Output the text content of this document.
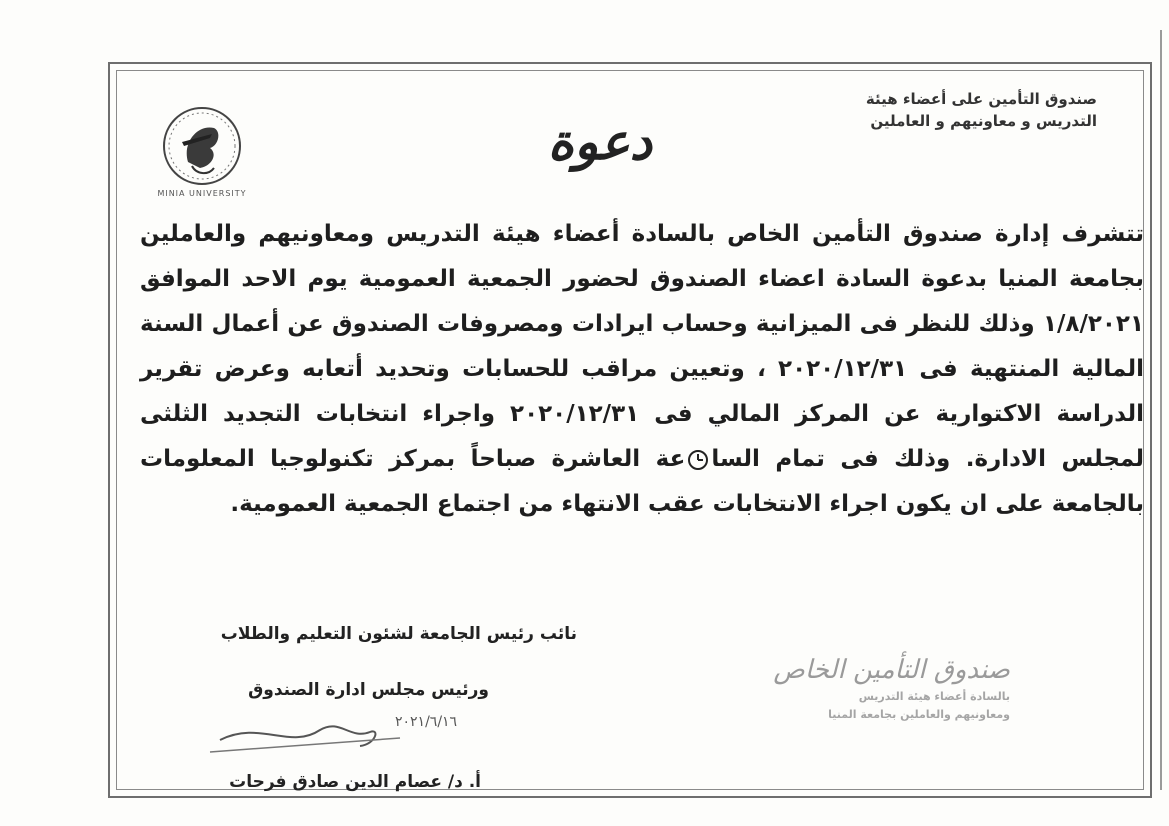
صندوق التأمين على أعضاء هيئة
التدريس و معاونيهم و العاملين
دعوة
MINIA UNIVERSITY
تتشرف إدارة صندوق التأمين الخاص بالسادة أعضاء هيئة التدريس ومعاونيهم والعاملين بجامعة المنيا بدعوة السادة اعضاء الصندوق لحضور الجمعية العمومية يوم الاحد الموافق ١/٨/٢٠٢١ وذلك للنظر فى الميزانية وحساب ايرادات ومصروفات الصندوق عن أعمال السنة المالية المنتهية فى ٢٠٢٠/١٢/٣١ ، وتعيين مراقب للحسابات وتحديد أتعابه وعرض تقرير الدراسة الاكتوارية عن المركز المالي فى ٢٠٢٠/١٢/٣١ واجراء انتخابات التجديد الثلثى لمجلس الادارة. وذلك فى تمام الساعة العاشرة صباحاً بمركز تكنولوجيا المعلومات بالجامعة على ان يكون اجراء الانتخابات عقب الانتهاء من اجتماع الجمعية العمومية.
نائب رئيس الجامعة لشئون التعليم والطلاب
ورئيس مجلس ادارة الصندوق
٢٠٢١/٦/١٦
أ. د/ عصام الدين صادق فرحات
صندوق التأمين الخاص
بالسادة أعضاء هيئة التدريس
ومعاونيهم والعاملين بجامعة المنيا
